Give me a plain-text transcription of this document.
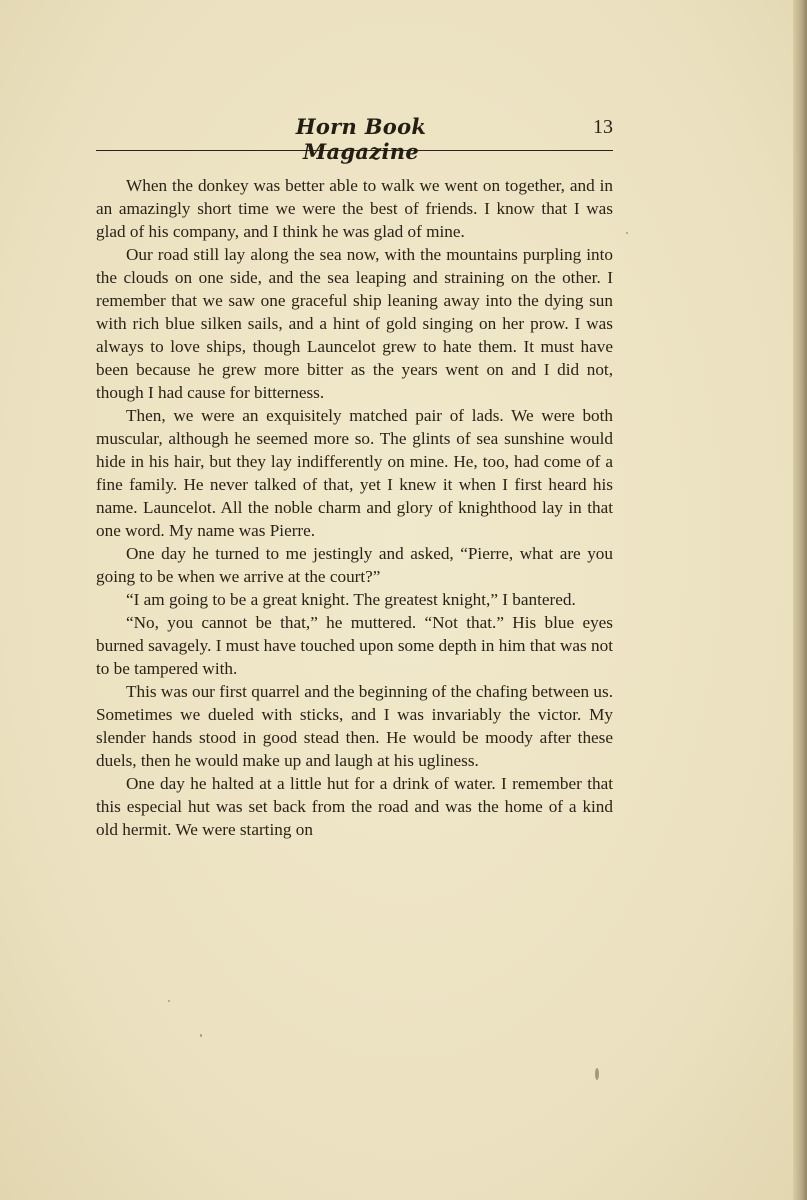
Horn Book Magazine
13

When the donkey was better able to walk we went on together, and in an amazingly short time we were the best of friends. I know that I was glad of his company, and I think he was glad of mine.

Our road still lay along the sea now, with the mountains purpling into the clouds on one side, and the sea leaping and straining on the other. I remember that we saw one graceful ship leaning away into the dying sun with rich blue silken sails, and a hint of gold singing on her prow. I was always to love ships, though Launcelot grew to hate them. It must have been because he grew more bitter as the years went on and I did not, though I had cause for bitterness.

Then, we were an exquisitely matched pair of lads. We were both muscular, although he seemed more so. The glints of sea sunshine would hide in his hair, but they lay indifferently on mine. He, too, had come of a fine family. He never talked of that, yet I knew it when I first heard his name. Launcelot. All the noble charm and glory of knighthood lay in that one word. My name was Pierre.

One day he turned to me jestingly and asked, “Pierre, what are you going to be when we arrive at the court?”

“I am going to be a great knight. The greatest knight,” I bantered.

“No, you cannot be that,” he muttered. “Not that.” His blue eyes burned savagely. I must have touched upon some depth in him that was not to be tampered with.

This was our first quarrel and the beginning of the chafing between us. Sometimes we dueled with sticks, and I was invariably the victor. My slender hands stood in good stead then. He would be moody after these duels, then he would make up and laugh at his ugliness.

One day he halted at a little hut for a drink of water. I remember that this especial hut was set back from the road and was the home of a kind old hermit. We were starting on
